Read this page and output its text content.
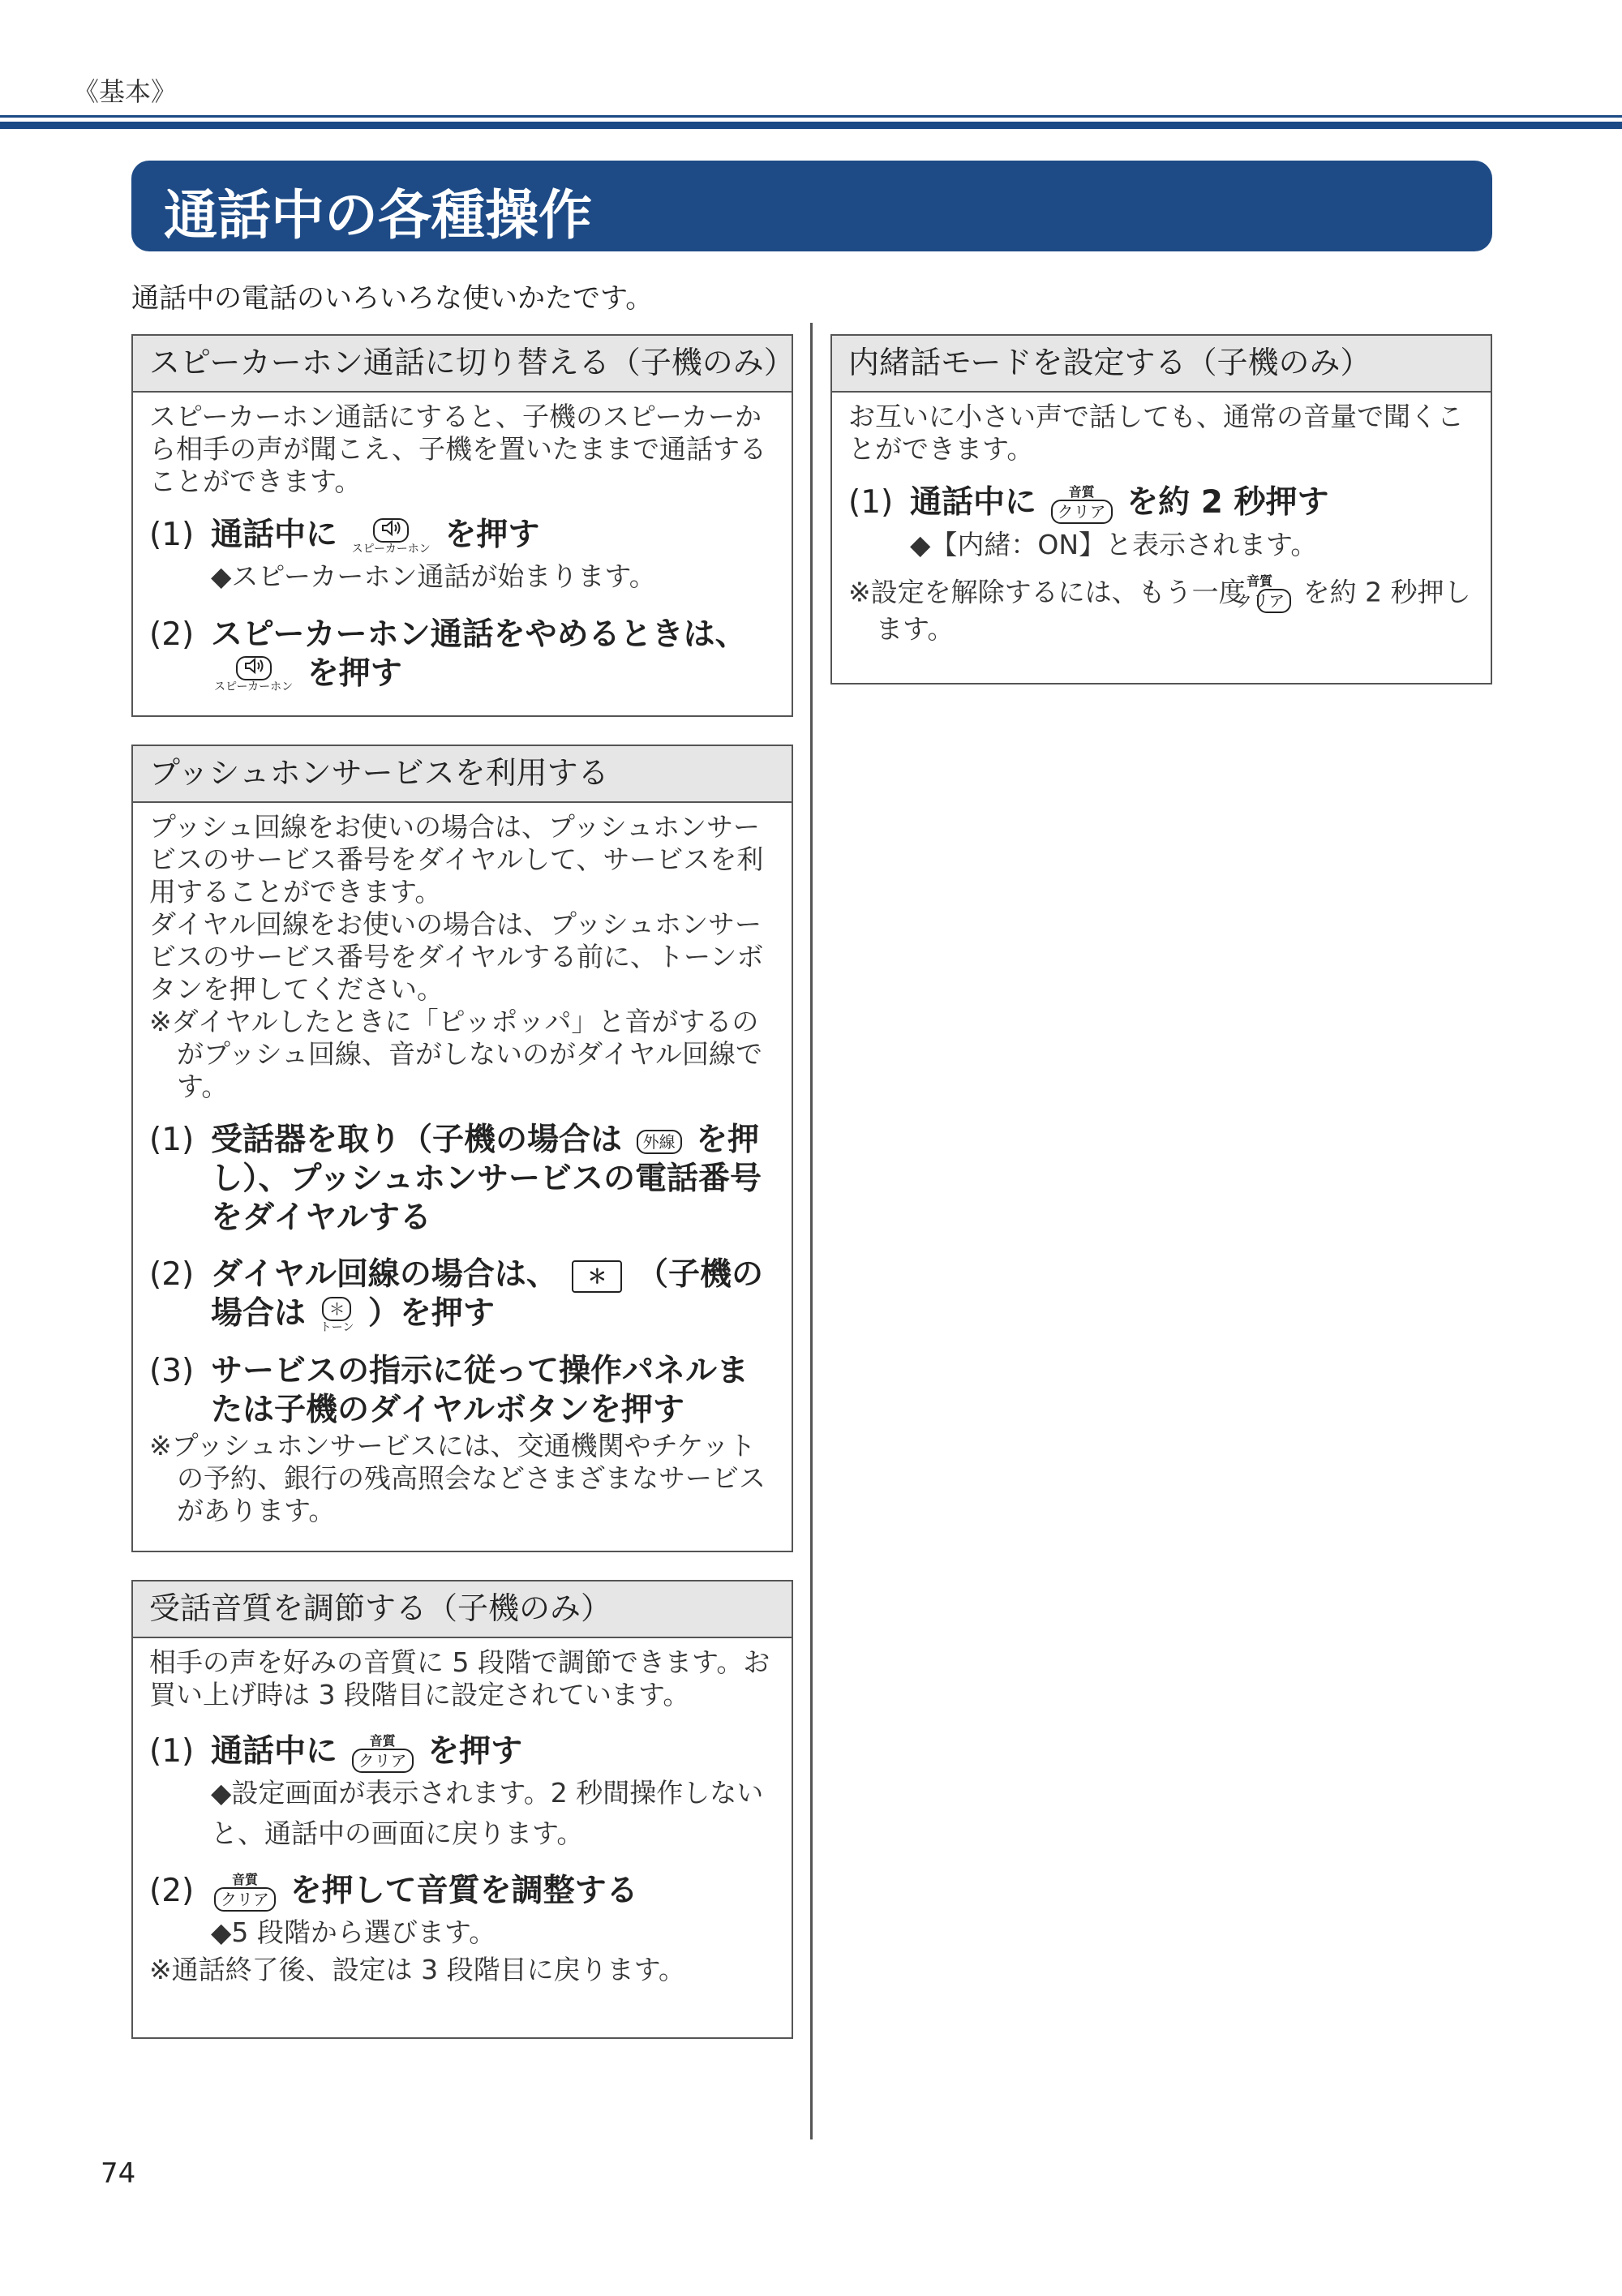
《基本》
通話中の各種操作
通話中の電話のいろいろな使いかたです。
スピーカーホン通話に切り替える（子機のみ）
スピーカーホン通話にすると、子機のスピーカーから相手の声が聞こえ、子機を置いたままで通話することができます。
(1) 通話中に スピーカーホン を押す
◆スピーカーホン通話が始まります。
(2) スピーカーホン通話をやめるときは、

スピーカーホン を押す
プッシュホンサービスを利用する
プッシュ回線をお使いの場合は、プッシュホンサービスのサービス番号をダイヤルして、サービスを利用することができます。
ダイヤル回線をお使いの場合は、プッシュホンサービスのサービス番号をダイヤルする前に、トーンボタンを押してください。
※ダイヤルしたときに「ピッポッパ」と音がするのがプッシュ回線、音がしないのがダイヤル回線です。
(1) 受話器を取り（子機の場合は	外線 を押し）、プッシュホンサービスの電話番号をダイヤルする
(2) ダイヤル回線の場合は、 ＊ （子機の場合は	＊
トーン ）を押す
(3) サービスの指示に従って操作パネルまたは子機のダイヤルボタンを押す
※プッシュホンサービスには、交通機関やチケットの予約、銀行の残高照会などさまざまなサービスがあります。
受話音質を調節する（子機のみ）
相手の声を好みの音質に 5 段階で調節できます。お買い上げ時は 3 段階目に設定されています。
(1) 通話中に 音質
クリア を押す
◆設定画面が表示されます。2 秒間操作しないと、通話中の画面に戻ります。
(2)	音質
クリア を押して音質を調整する
◆5 段階から選びます。
※通話終了後、設定は 3 段階目に戻ります。
内緒話モードを設定する（子機のみ）
お互いに小さい声で話しても、通常の音量で聞くことができます。
(1) 通話中に 音質
クリア を約 2 秒押す
◆【内緒：ON】と表示されます。
※設定を解除するには、もう一度 音質
クリア を約 2 秒押します。
74
